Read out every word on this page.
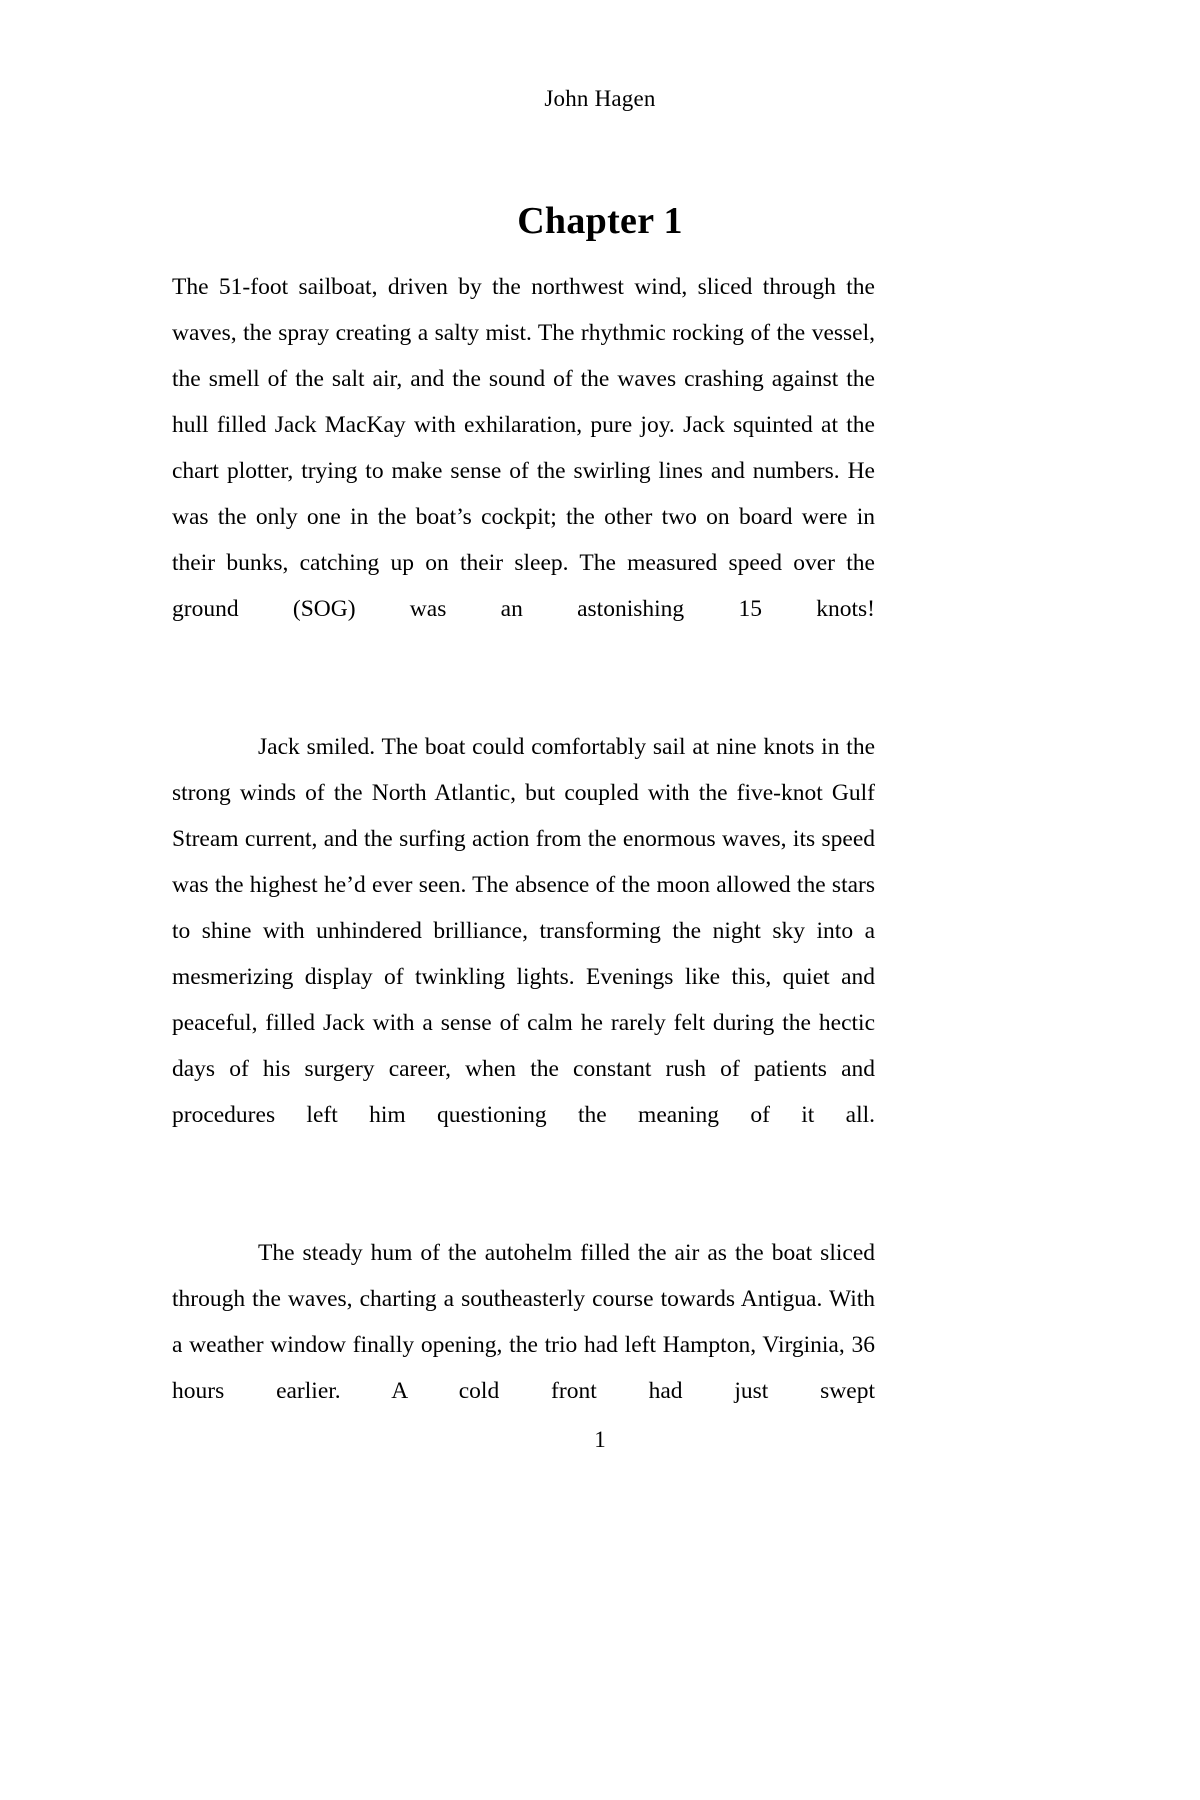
John Hagen
Chapter 1

The 51-foot sailboat, driven by the northwest wind, sliced through the waves, the spray creating a salty mist. The rhythmic rocking of the vessel, the smell of the salt air, and the sound of the waves crashing against the hull filled Jack MacKay with exhilaration, pure joy. Jack squinted at the chart plotter, trying to make sense of the swirling lines and numbers. He was the only one in the boat’s cockpit; the other two on board were in their bunks, catching up on their sleep. The measured speed over the ground (SOG) was an astonishing 15 knots!

Jack smiled. The boat could comfortably sail at nine knots in the strong winds of the North Atlantic, but coupled with the five-knot Gulf Stream current, and the surfing action from the enormous waves, its speed was the highest he’d ever seen. The absence of the moon allowed the stars to shine with unhindered brilliance, transforming the night sky into a mesmerizing display of twinkling lights. Evenings like this, quiet and peaceful, filled Jack with a sense of calm he rarely felt during the hectic days of his surgery career, when the constant rush of patients and procedures left him questioning the meaning of it all.

The steady hum of the autohelm filled the air as the boat sliced through the waves, charting a southeasterly course towards Antigua. With a weather window finally opening, the trio had left Hampton, Virginia, 36 hours earlier. A cold front had just swept

1
